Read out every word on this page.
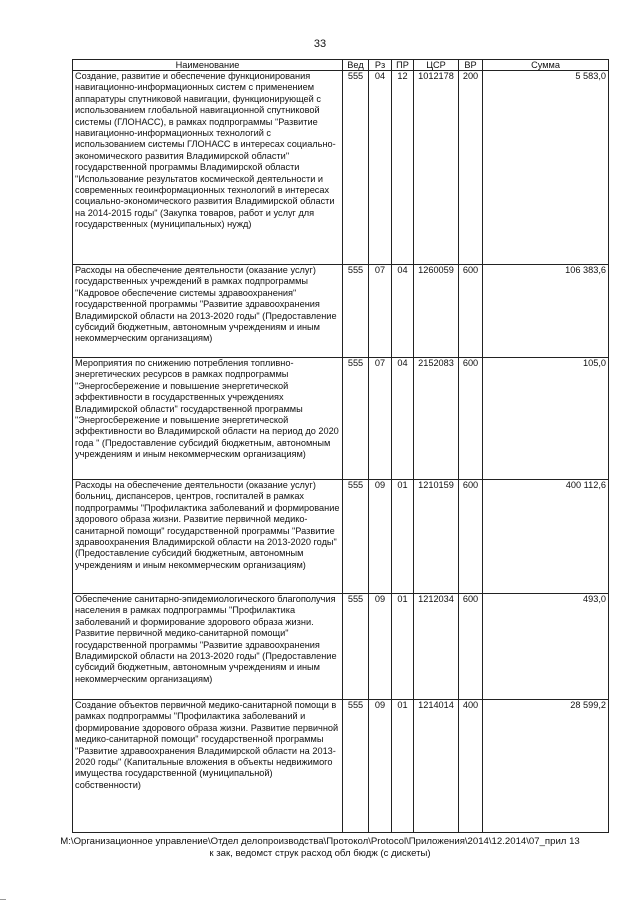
33
Наименование	Вед	Рз	ПР	ЦСР	ВР	Сумма
Создание, развитие и обеспечение функционирования навигационно-информационных систем с применением аппаратуры спутниковой навигации, функционирующей с использованием глобальной навигационной спутниковой системы (ГЛОНАСС), в рамках подпрограммы "Развитие навигационно-информационных технологий с использованием системы ГЛОНАСС в интересах социально-экономического развития Владимирской области" государственной программы Владимирской области "Использование результатов космической деятельности и современных геоинформационных технологий в интересах социально-экономического развития Владимирской области на 2014-2015 годы" (Закупка товаров, работ и услуг для государственных (муниципальных) нужд)	555	04	12	1012178	200	5 583,0
Расходы на обеспечение деятельности (оказание услуг) государственных учреждений в рамках подпрограммы "Кадровое обеспечение системы здравоохранения" государственной программы "Развитие здравоохранения Владимирской области на 2013-2020 годы" (Предоставление субсидий бюджетным, автономным учреждениям и иным некоммерческим организациям)	555	07	04	1260059	600	106 383,6
Мероприятия по снижению потребления топливно-энергетических ресурсов в рамках подпрограммы "Энергосбережение и повышение энергетической эффективности в государственных учреждениях Владимирской области" государственной программы "Энергосбережение и повышение энергетической эффективности во Владимирской области на период до 2020 года " (Предоставление субсидий бюджетным, автономным учреждениям и иным некоммерческим организациям)	555	07	04	2152083	600	105,0
Расходы на обеспечение деятельности (оказание услуг) больниц, диспансеров, центров, госпиталей в рамках подпрограммы "Профилактика заболеваний и формирование здорового образа жизни. Развитие первичной медико-санитарной помощи" государственной программы "Развитие здравоохранения Владимирской области на 2013-2020 годы" (Предоставление субсидий бюджетным, автономным учреждениям и иным некоммерческим организациям)	555	09	01	1210159	600	400 112,6
Обеспечение санитарно-эпидемиологического благополучия населения в рамках подпрограммы "Профилактика заболеваний и формирование здорового образа жизни. Развитие первичной медико-санитарной помощи" государственной программы "Развитие здравоохранения Владимирской области на 2013-2020 годы" (Предоставление субсидий бюджетным, автономным учреждениям и иным некоммерческим организациям)	555	09	01	1212034	600	493,0
Создание объектов первичной медико-санитарной помощи в рамках подпрограммы "Профилактика заболеваний и формирование здорового образа жизни. Развитие первичной медико-санитарной помощи" государственной программы "Развитие здравоохранения Владимирской области на 2013-2020 годы" (Капитальные вложения в объекты недвижимого имущества государственной (муниципальной) собственности)	555	09	01	1214014	400	28 599,2
M:\Организационное управление\Отдел делопроизводства\Протокол\Protocol\Приложения\2014\12.2014\07_прил 13
к зак, ведомст струк расход обл бюдж (с дискеты)
